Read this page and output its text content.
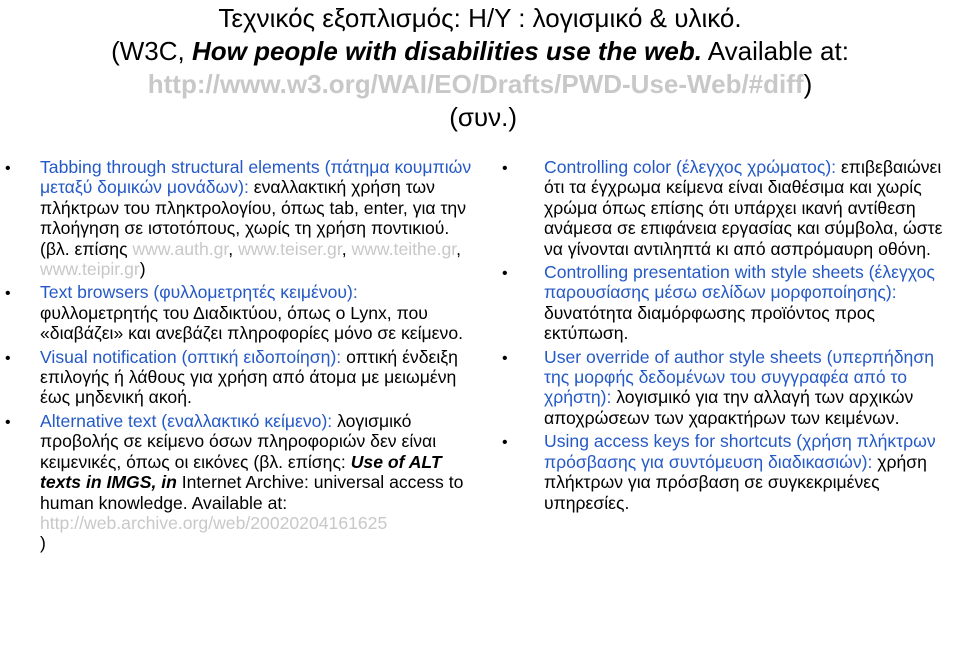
Τεχνικός εξοπλισμός: Η/Υ : λογισμικό & υλικό.
(W3C, How people with disabilities use the web. Available at:
http://www.w3.org/WAI/EO/Drafts/PWD-Use-Web/#diff)
(συν.)
• Tabbing through structural elements (πάτημα κουμπιών μεταξύ δομικών μονάδων): εναλλακτική χρήση των πλήκτρων του πληκτρολογίου, όπως tab, enter, για την πλοήγηση σε ιστοτόπους, χωρίς τη χρήση ποντικιού. (βλ. επίσης www.auth.gr, www.teiser.gr, www.teithe.gr, www.teipir.gr)
• Text browsers (φυλλομετρητές κειμένου): φυλλομετρητής του Διαδικτύου, όπως ο Lynx, που «διαβάζει» και ανεβάζει πληροφορίες μόνο σε κείμενο.
• Visual notification (οπτική ειδοποίηση): οπτική ένδειξη επιλογής ή λάθους για χρήση από άτομα με μειωμένη έως μηδενική ακοή.
• Alternative text (εναλλακτικό κείμενο): λογισμικό προβολής σε κείμενο όσων πληροφοριών δεν είναι κειμενικές, όπως οι εικόνες (βλ. επίσης: Use of ALT texts in IMGS, in Internet Archive: universal access to human knowledge. Available at: http://web.archive.org/web/20020204161625
)
• Controlling color (έλεγχος χρώματος): επιβεβαιώνει ότι τα έγχρωμα κείμενα είναι διαθέσιμα και χωρίς χρώμα όπως επίσης ότι υπάρχει ικανή αντίθεση ανάμεσα σε επιφάνεια εργασίας και σύμβολα, ώστε να γίνονται αντιληπτά κι από ασπρόμαυρη οθόνη.
• Controlling presentation with style sheets (έλεγχος παρουσίασης μέσω σελίδων μορφοποίησης): δυνατότητα διαμόρφωσης προϊόντος προς εκτύπωση.
• User override of author style sheets (υπερπήδηση της μορφής δεδομένων του συγγραφέα από το χρήστη): λογισμικό για την αλλαγή των αρχικών αποχρώσεων των χαρακτήρων των κειμένων.
• Using access keys for shortcuts (χρήση πλήκτρων πρόσβασης για συντόμευση διαδικασιών): χρήση πλήκτρων για πρόσβαση σε συγκεκριμένες υπηρεσίες.
